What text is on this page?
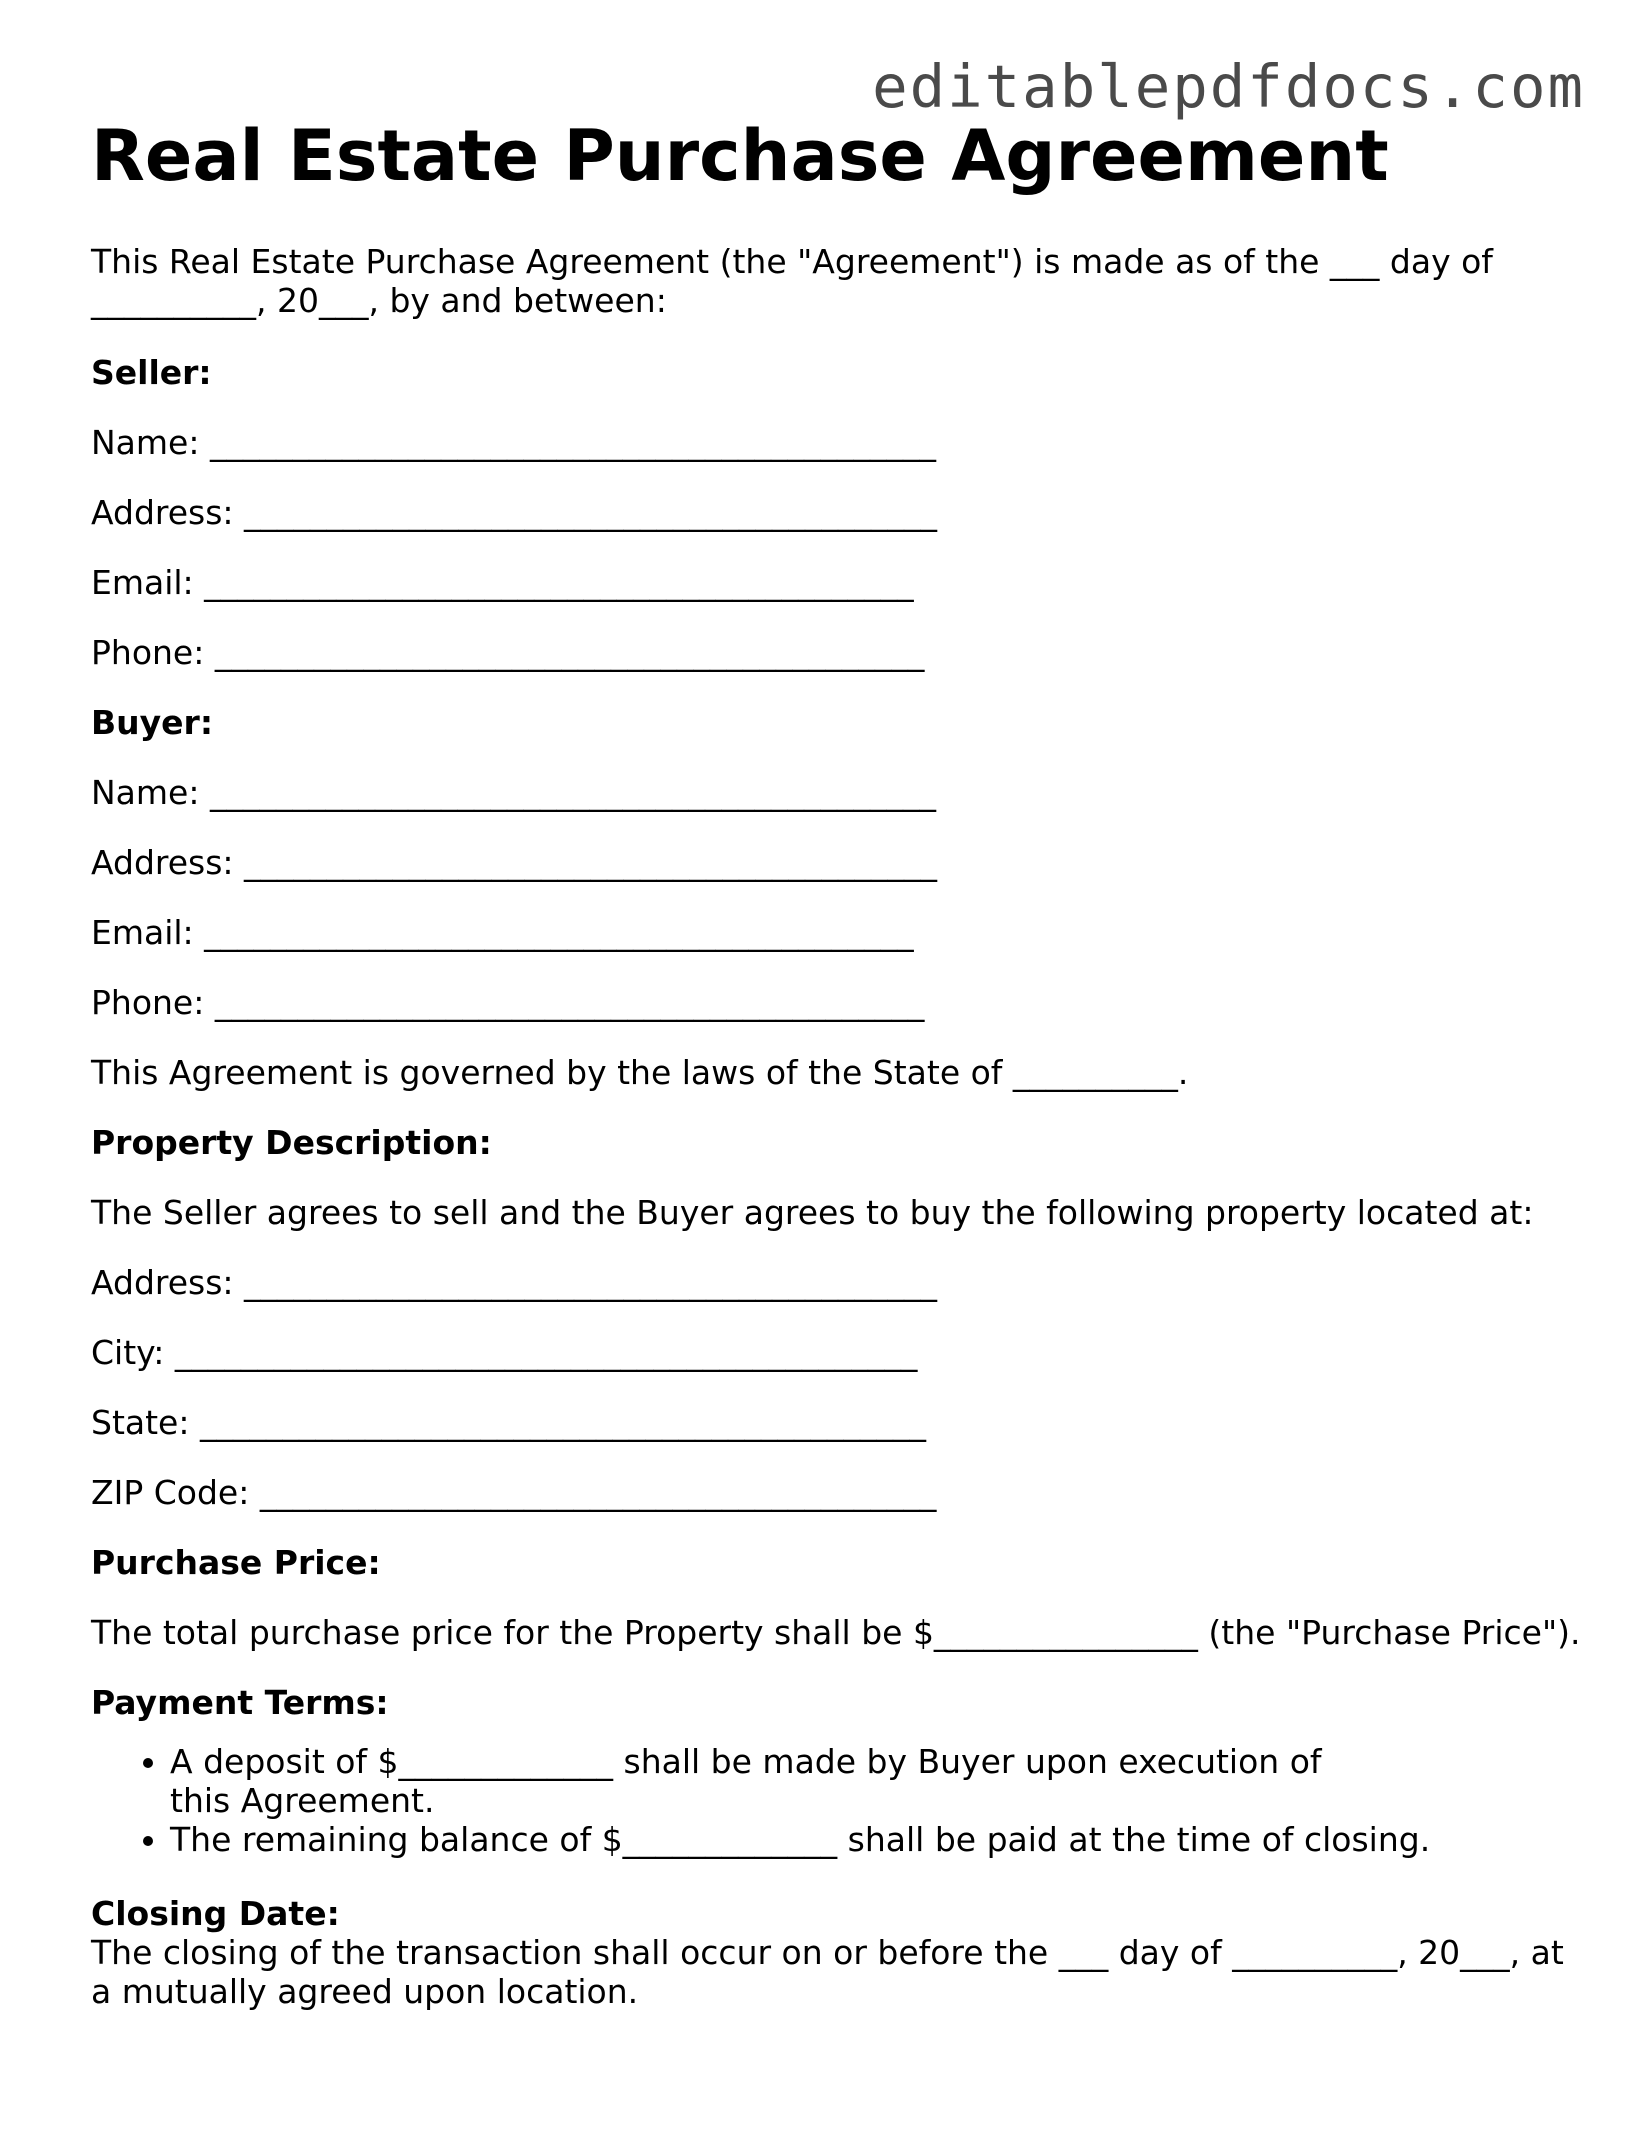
editablepdfdocs.com
Real Estate Purchase Agreement

This Real Estate Purchase Agreement (the "Agreement") is made as of the ___ day of __________, 20___, by and between:

Seller:

Name: ____________________________________________

Address: __________________________________________

Email: ___________________________________________

Phone: ___________________________________________

Buyer:

Name: ____________________________________________

Address: __________________________________________

Email: ___________________________________________

Phone: ___________________________________________

This Agreement is governed by the laws of the State of __________.

Property Description:

The Seller agrees to sell and the Buyer agrees to buy the following property located at:

Address: __________________________________________

City: _____________________________________________

State: ____________________________________________

ZIP Code: _________________________________________

Purchase Price:

The total purchase price for the Property shall be $________________ (the "Purchase Price").

Payment Terms:

• A deposit of $_____________ shall be made by Buyer upon execution of this Agreement.
• The remaining balance of $_____________ shall be paid at the time of closing.

Closing Date:

The closing of the transaction shall occur on or before the ___ day of __________, 20___, at a mutually agreed upon location.
